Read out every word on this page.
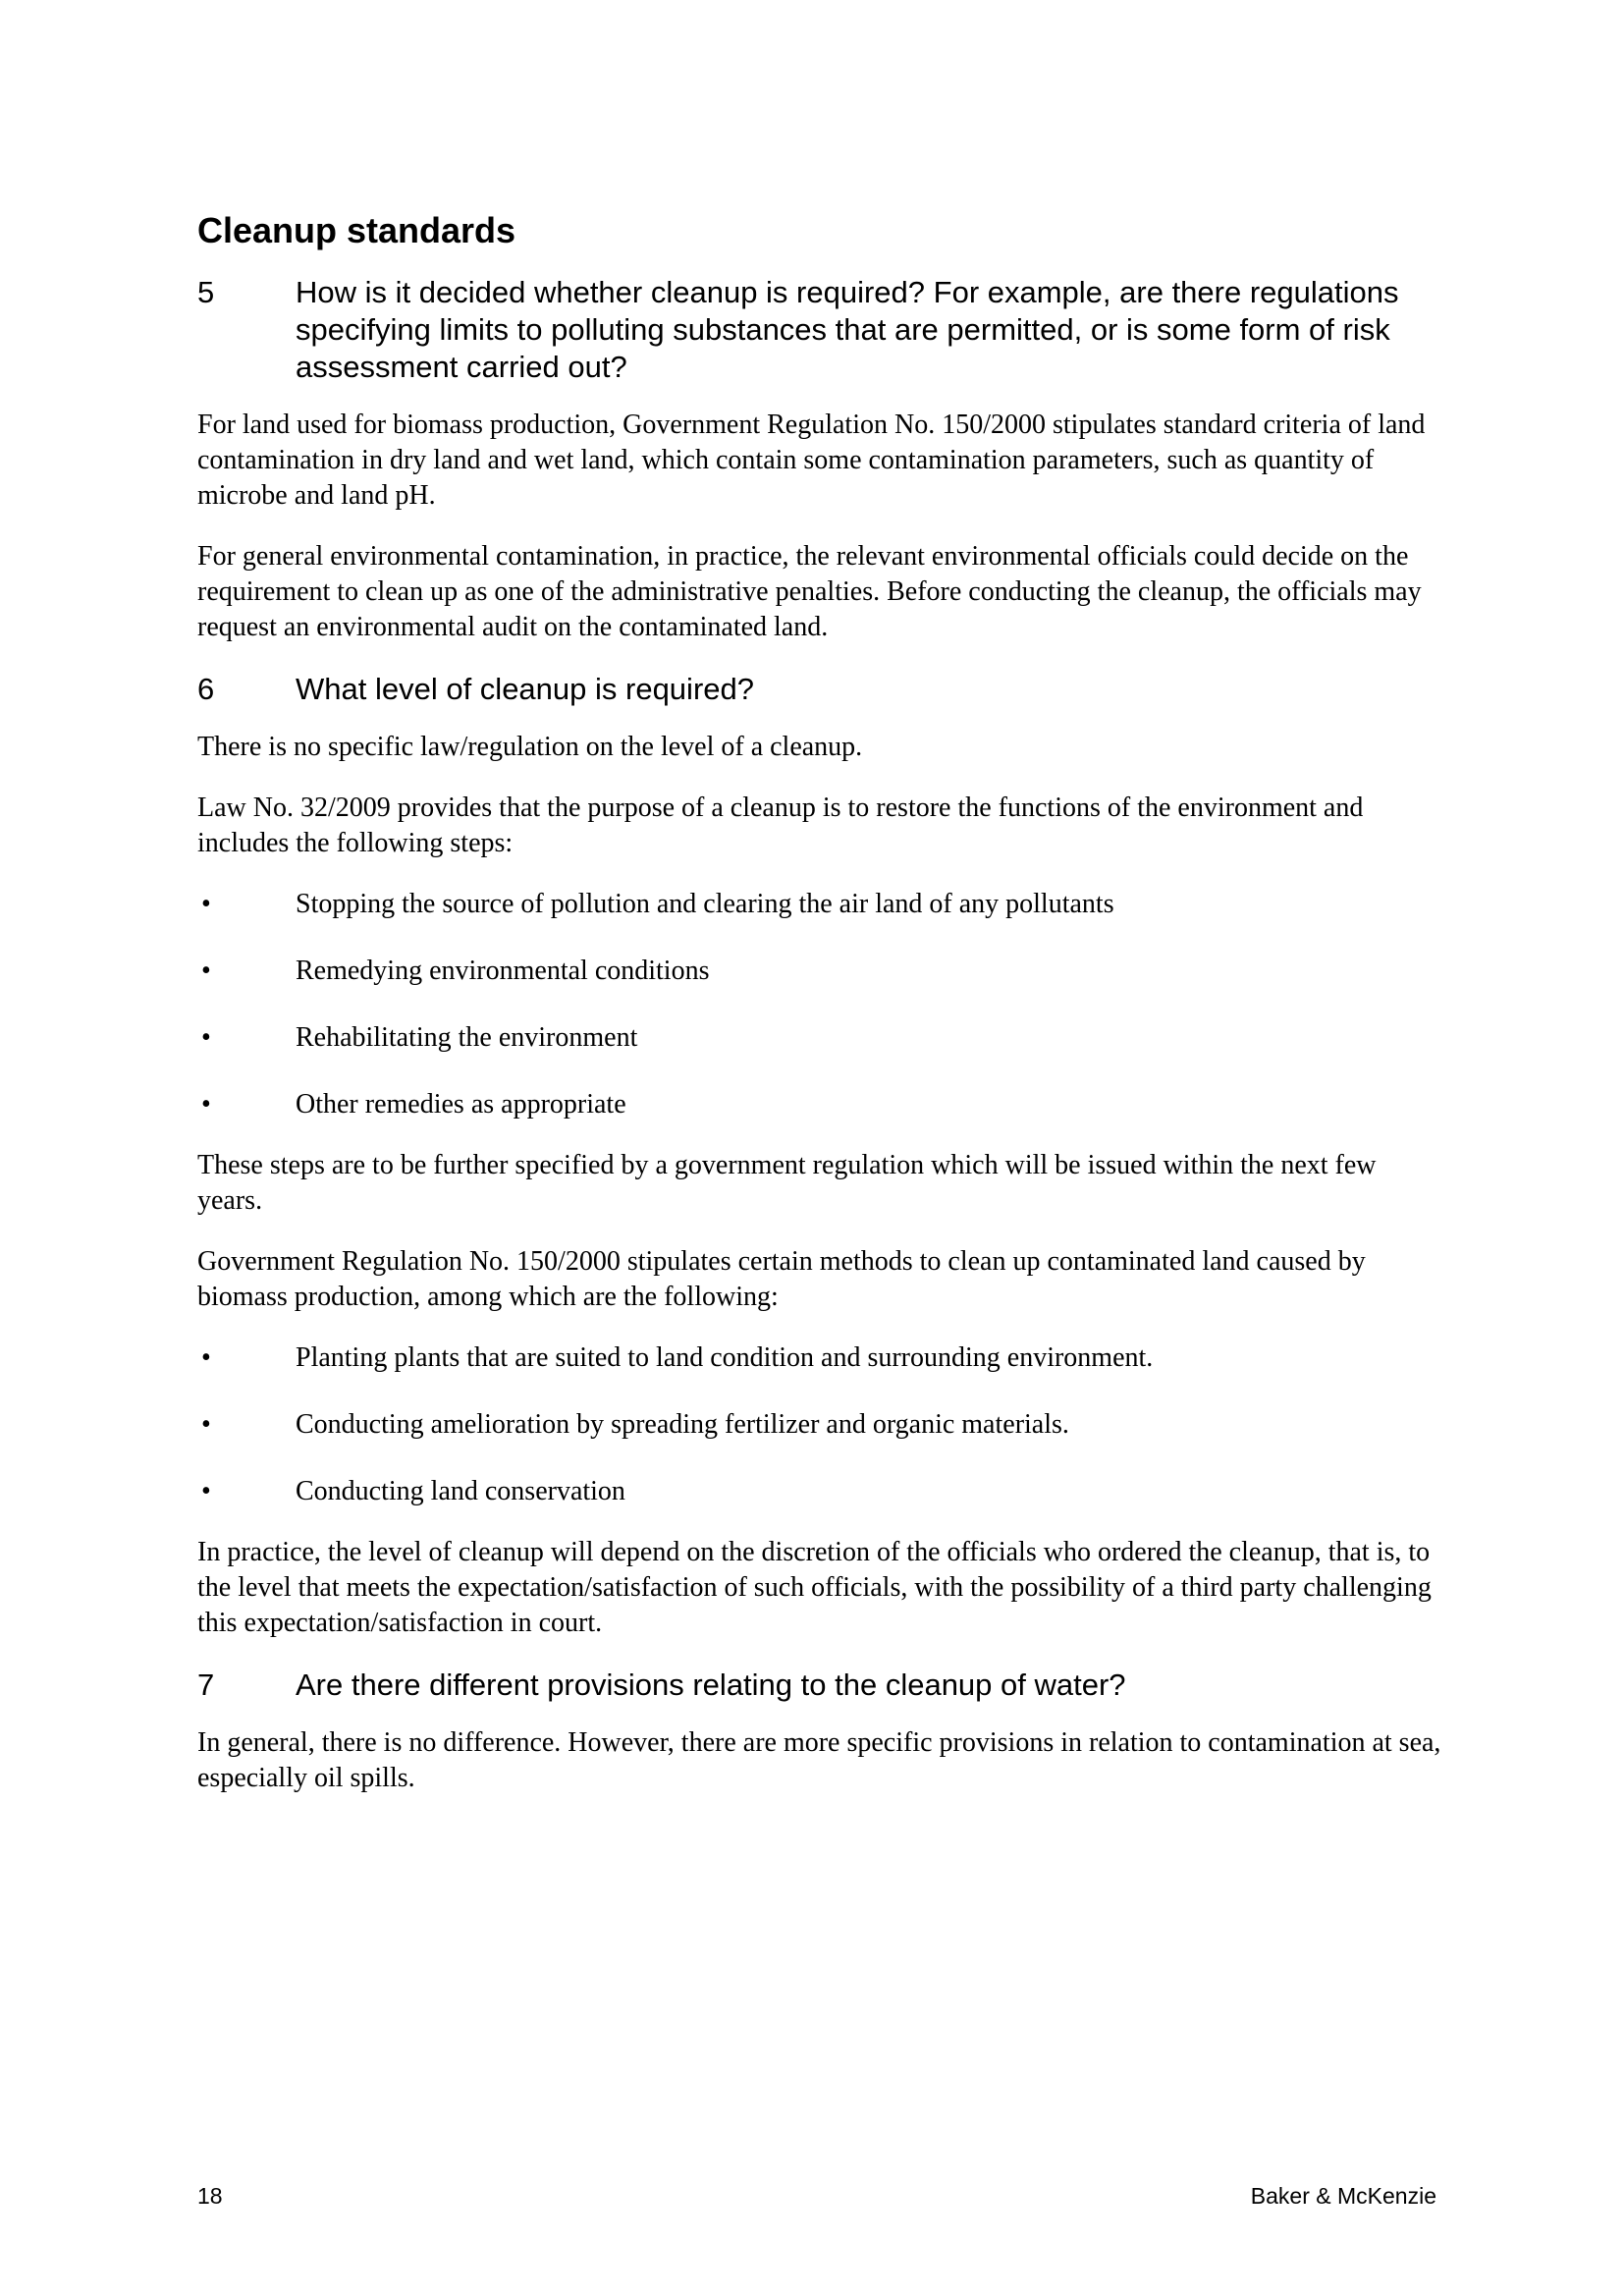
Cleanup standards
5	How is it decided whether cleanup is required? For example, are there regulations specifying limits to polluting substances that are permitted, or is some form of risk assessment carried out?

For land used for biomass production, Government Regulation No. 150/2000 stipulates standard criteria of land contamination in dry land and wet land, which contain some contamination parameters, such as quantity of microbe and land pH.

For general environmental contamination, in practice, the relevant environmental officials could decide on the requirement to clean up as one of the administrative penalties. Before conducting the cleanup, the officials may request an environmental audit on the contaminated land.

6	What level of cleanup is required?

There is no specific law/regulation on the level of a cleanup.

Law No. 32/2009 provides that the purpose of a cleanup is to restore the functions of the environment and includes the following steps:

•	Stopping the source of pollution and clearing the air land of any pollutants
•	Remedying environmental conditions
•	Rehabilitating the environment
•	Other remedies as appropriate

These steps are to be further specified by a government regulation which will be issued within the next few years.

Government Regulation No. 150/2000 stipulates certain methods to clean up contaminated land caused by biomass production, among which are the following:

•	Planting plants that are suited to land condition and surrounding environment.
•	Conducting amelioration by spreading fertilizer and organic materials.
•	Conducting land conservation

In practice, the level of cleanup will depend on the discretion of the officials who ordered the cleanup, that is, to the level that meets the expectation/satisfaction of such officials, with the possibility of a third party challenging this expectation/satisfaction in court.

7	Are there different provisions relating to the cleanup of water?

In general, there is no difference. However, there are more specific provisions in relation to contamination at sea, especially oil spills.

18	Baker & McKenzie
